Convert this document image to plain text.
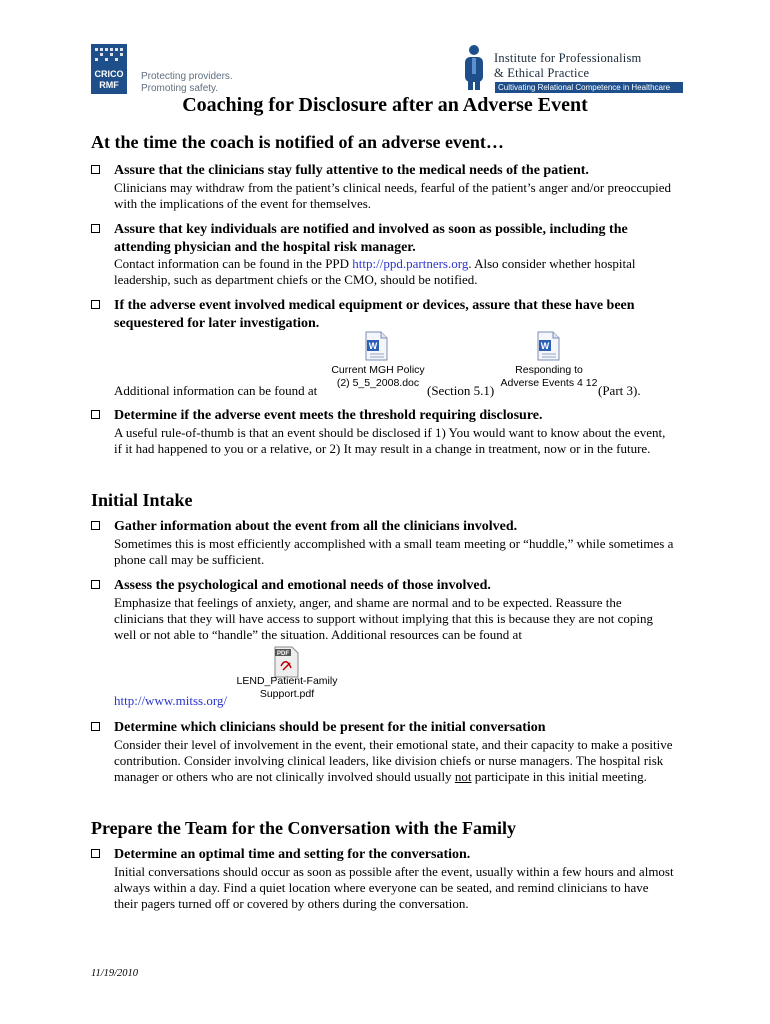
CRICO
RMF
Protecting providers.
Promoting safety.
Institute for Professionalism
& Ethical Practice
Cultivating Relational Competence in Healthcare
Coaching for Disclosure after an Adverse Event
At the time the coach is notified of an adverse event…
Assure that the clinicians stay fully attentive to the medical needs of the patient.
Clinicians may withdraw from the patient’s clinical needs, fearful of the patient’s anger and/or preoccupied with the implications of the event for themselves.
Assure that key individuals are notified and involved as soon as possible, including the attending physician and the hospital risk manager.
Contact information can be found in the PPD http://ppd.partners.org. Also consider whether hospital leadership, such as department chiefs or the CMO, should be notified.
If the adverse event involved medical equipment or devices, assure that these have been sequestered for later investigation.
Additional information can be found at
W
Current MGH Policy (2) 5_5_2008.doc (Section 5.1)
W
Responding to Adverse Events 4 12 (Part 3).
Determine if the adverse event meets the threshold requiring disclosure.
A useful rule-of-thumb is that an event should be disclosed if 1) You would want to know about the event, if it had happened to you or a relative, or 2) It may result in a change in treatment, now or in the future.
Initial Intake
Gather information about the event from all the clinicians involved.
Sometimes this is most efficiently accomplished with a small team meeting or “huddle,” while sometimes a phone call may be sufficient.
Assess the psychological and emotional needs of those involved.
Emphasize that feelings of anxiety, anger, and shame are normal and to be expected. Reassure the clinicians that they will have access to support without implying that this is because they are not coping well or not able to “handle” the situation. Additional resources can be found at
PDF
LEND_Patient-Family Support.pdf
http://www.mitss.org/
Determine which clinicians should be present for the initial conversation
Consider their level of involvement in the event, their emotional state, and their capacity to make a positive contribution. Consider involving clinical leaders, like division chiefs or nurse managers. The hospital risk manager or others who are not clinically involved should usually not participate in this initial meeting.
Prepare the Team for the Conversation with the Family
Determine an optimal time and setting for the conversation.
Initial conversations should occur as soon as possible after the event, usually within a few hours and almost always within a day. Find a quiet location where everyone can be seated, and remind clinicians to have their pagers turned off or covered by others during the conversation.
11/19/2010
